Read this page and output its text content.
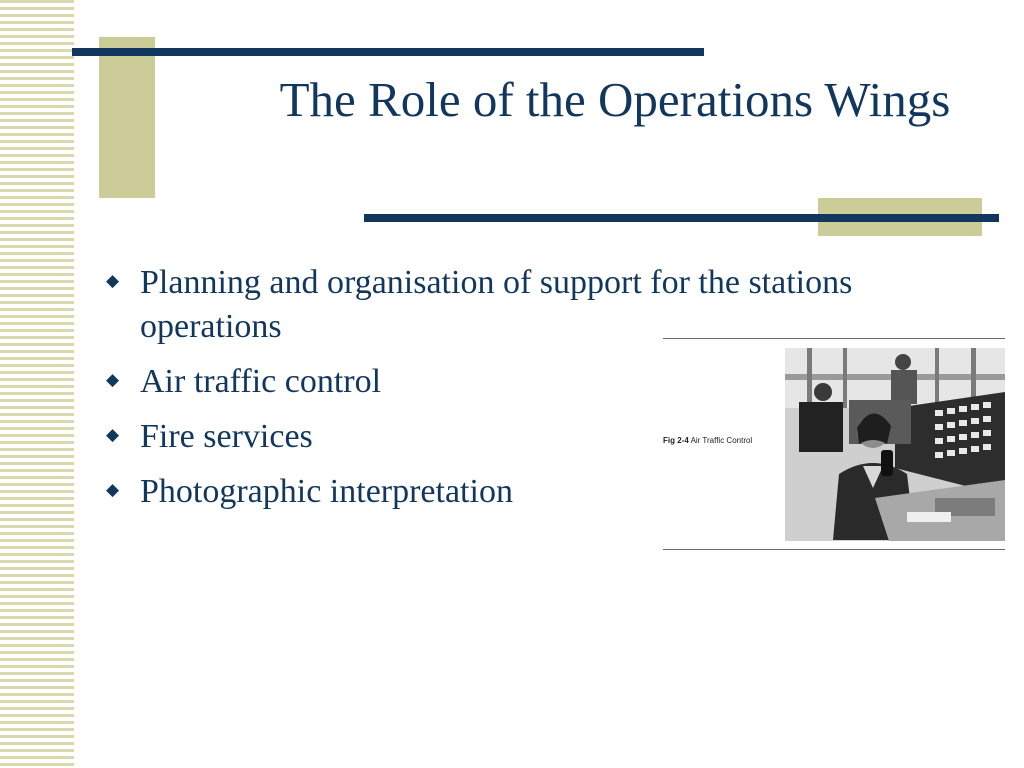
The Role of the Operations Wings
◆ Planning and organisation of support for the stations operations
◆ Air traffic control
◆ Fire services
◆ Photographic interpretation
Fig 2-4 Air Traffic Control
